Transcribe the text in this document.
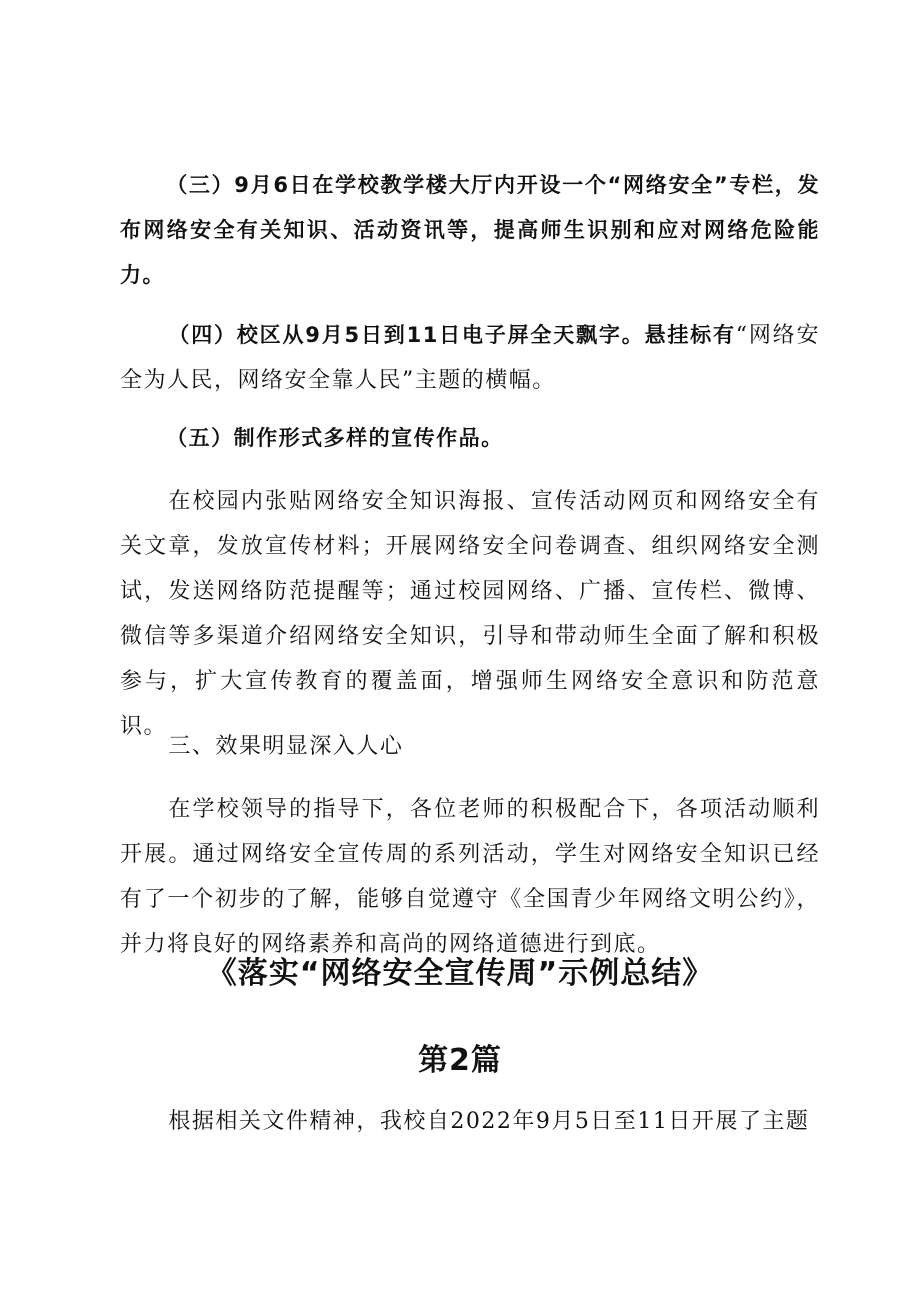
（三）9月6日在学校教学楼大厅内开设一个“网络安全”专栏，发布网络安全有关知识、活动资讯等，提高师生识别和应对网络危险能力。

（四）校区从9月5日到11日电子屏全天飘字。悬挂标有“网络安全为人民，网络安全靠人民”主题的横幅。

（五）制作形式多样的宣传作品。

在校园内张贴网络安全知识海报、宣传活动网页和网络安全有关文章，发放宣传材料；开展网络安全问卷调查、组织网络安全测试，发送网络防范提醒等；通过校园网络、广播、宣传栏、微博、微信等多渠道介绍网络安全知识，引导和带动师生全面了解和积极参与，扩大宣传教育的覆盖面，增强师生网络安全意识和防范意识。

三、效果明显深入人心

在学校领导的指导下，各位老师的积极配合下，各项活动顺利开展。通过网络安全宣传周的系列活动，学生对网络安全知识已经有了一个初步的了解，能够自觉遵守《全国青少年网络文明公约》，并力将良好的网络素养和高尚的网络道德进行到底。

《落实“网络安全宣传周”示例总结》
第2篇

根据相关文件精神，我校自2022年9月5日至11日开展了主题
